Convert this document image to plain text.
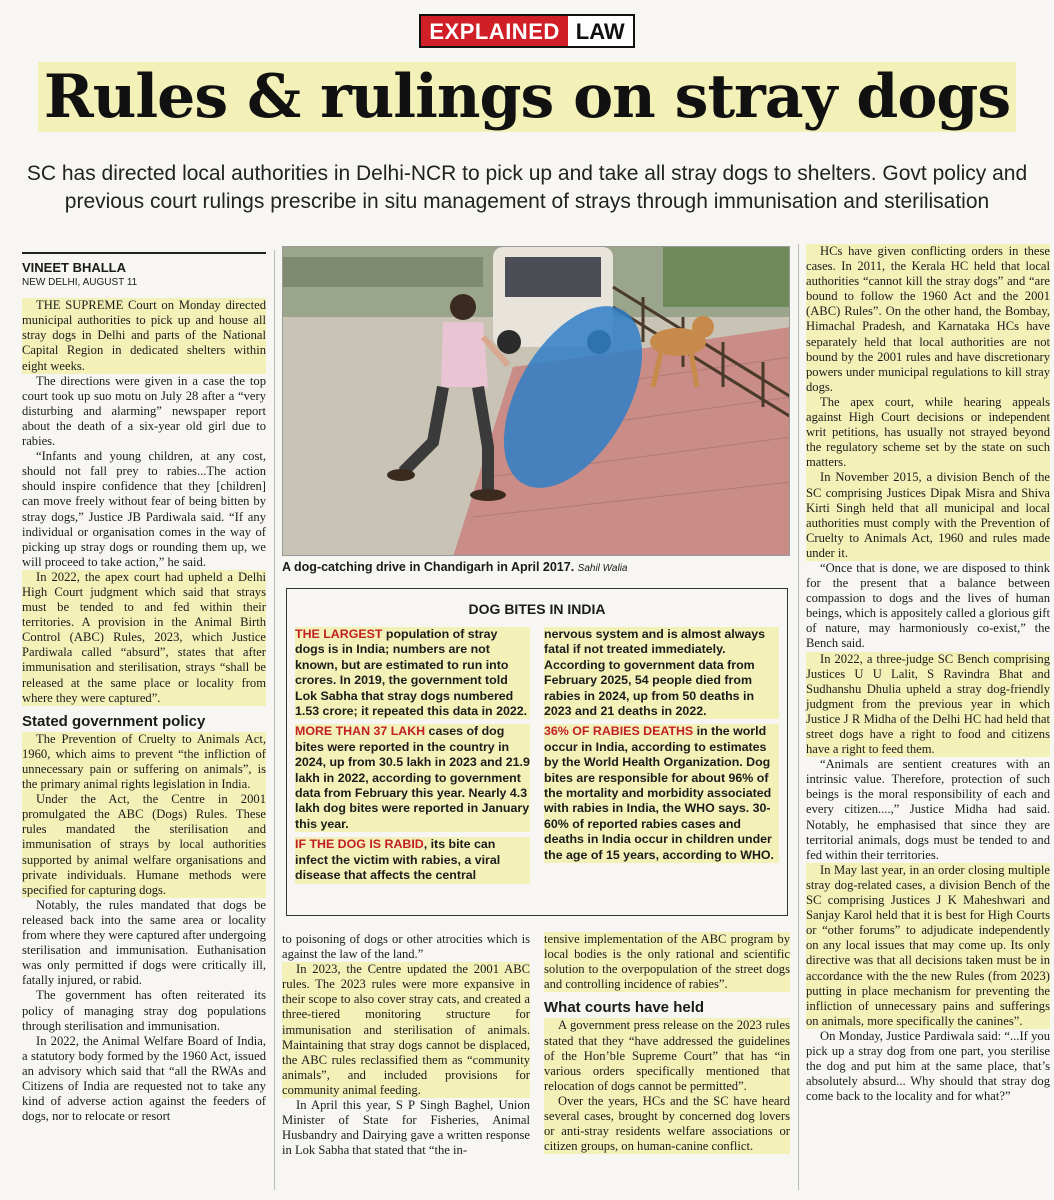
EXPLAINED LAW
Rules & rulings on stray dogs
SC has directed local authorities in Delhi-NCR to pick up and take all stray dogs to shelters. Govt policy and previous court rulings prescribe in situ management of strays through immunisation and sterilisation
VINEET BHALLA
NEW DELHI, AUGUST 11

THE SUPREME Court on Monday directed municipal authorities to pick up and house all stray dogs in Delhi and parts of the National Capital Region in dedicated shelters within eight weeks.

The directions were given in a case the top court took up suo motu on July 28 after a “very disturbing and alarming” newspaper report about the death of a six-year old girl due to rabies.

“Infants and young children, at any cost, should not fall prey to rabies...The action should inspire confidence that they [children] can move freely without fear of being bitten by stray dogs,” Justice JB Pardiwala said. “If any individual or organisation comes in the way of picking up stray dogs or rounding them up, we will proceed to take action,” he said.

In 2022, the apex court had upheld a Delhi High Court judgment which said that strays must be tended to and fed within their territories. A provision in the Animal Birth Control (ABC) Rules, 2023, which Justice Pardiwala called “absurd”, states that after immunisation and sterilisation, strays “shall be released at the same place or locality from where they were captured”.

Stated government policy

The Prevention of Cruelty to Animals Act, 1960, which aims to prevent “the infliction of unnecessary pain or suffering on animals”, is the primary animal rights legislation in India.

Under the Act, the Centre in 2001 promulgated the ABC (Dogs) Rules. These rules mandated the sterilisation and immunisation of strays by local authorities supported by animal welfare organisations and private individuals. Humane methods were specified for capturing dogs.

Notably, the rules mandated that dogs be released back into the same area or locality from where they were captured after undergoing sterilisation and immunisation. Euthanisation was only permitted if dogs were critically ill, fatally injured, or rabid.

The government has often reiterated its policy of managing stray dog populations through sterilisation and immunisation.

In 2022, the Animal Welfare Board of India, a statutory body formed by the 1960 Act, issued an advisory which said that “all the RWAs and Citizens of India are requested not to take any kind of adverse action against the feeders of dogs, nor to relocate or resort

A dog-catching drive in Chandigarh in April 2017. Sahil Walia
DOG BITES IN INDIA

THE LARGEST population of stray dogs is in India; numbers are not known, but are estimated to run into crores. In 2019, the government told Lok Sabha that stray dogs numbered 1.53 crore; it repeated this data in 2022.

MORE THAN 37 LAKH cases of dog bites were reported in the country in 2024, up from 30.5 lakh in 2023 and 21.9 lakh in 2022, according to government data from February this year. Nearly 4.3 lakh dog bites were reported in January this year.

IF THE DOG IS RABID, its bite can infect the victim with rabies, a viral disease that affects the central

nervous system and is almost always fatal if not treated immediately. According to government data from February 2025, 54 people died from rabies in 2024, up from 50 deaths in 2023 and 21 deaths in 2022.

36% OF RABIES DEATHS in the world occur in India, according to estimates by the World Health Organization. Dog bites are responsible for about 96% of the mortality and morbidity associated with rabies in India, the WHO says. 30-60% of reported rabies cases and deaths in India occur in children under the age of 15 years, according to WHO.

to poisoning of dogs or other atrocities which is against the law of the land.”

In 2023, the Centre updated the 2001 ABC rules. The 2023 rules were more expansive in their scope to also cover stray cats, and created a three-tiered monitoring structure for immunisation and sterilisation of animals. Maintaining that stray dogs cannot be displaced, the ABC rules reclassified them as “community animals”, and included provisions for community animal feeding.

In April this year, S P Singh Baghel, Union Minister of State for Fisheries, Animal Husbandry and Dairying gave a written response in Lok Sabha that stated that “the in-

tensive implementation of the ABC program by local bodies is the only rational and scientific solution to the overpopulation of the street dogs and controlling incidence of rabies”.

What courts have held

A government press release on the 2023 rules stated that they “have addressed the guidelines of the Hon’ble Supreme Court” that has “in various orders specifically mentioned that relocation of dogs cannot be permitted”.

Over the years, HCs and the SC have heard several cases, brought by concerned dog lovers or anti-stray residents welfare associations or citizen groups, on human-canine conflict.

HCs have given conflicting orders in these cases. In 2011, the Kerala HC held that local authorities “cannot kill the stray dogs” and “are bound to follow the 1960 Act and the 2001 (ABC) Rules”. On the other hand, the Bombay, Himachal Pradesh, and Karnataka HCs have separately held that local authorities are not bound by the 2001 rules and have discretionary powers under municipal regulations to kill stray dogs.

The apex court, while hearing appeals against High Court decisions or independent writ petitions, has usually not strayed beyond the regulatory scheme set by the state on such matters.

In November 2015, a division Bench of the SC comprising Justices Dipak Misra and Shiva Kirti Singh held that all municipal and local authorities must comply with the Prevention of Cruelty to Animals Act, 1960 and rules made under it.

“Once that is done, we are disposed to think for the present that a balance between compassion to dogs and the lives of human beings, which is appositely called a glorious gift of nature, may harmoniously co-exist,” the Bench said.

In 2022, a three-judge SC Bench comprising Justices U U Lalit, S Ravindra Bhat and Sudhanshu Dhulia upheld a stray dog-friendly judgment from the previous year in which Justice J R Midha of the Delhi HC had held that street dogs have a right to food and citizens have a right to feed them.

“Animals are sentient creatures with an intrinsic value. Therefore, protection of such beings is the moral responsibility of each and every citizen....,” Justice Midha had said. Notably, he emphasised that since they are territorial animals, dogs must be tended to and fed within their territories.

In May last year, in an order closing multiple stray dog-related cases, a division Bench of the SC comprising Justices J K Maheshwari and Sanjay Karol held that it is best for High Courts or “other forums” to adjudicate independently on any local issues that may come up. Its only directive was that all decisions taken must be in accordance with the the new Rules (from 2023) putting in place mechanism for preventing the infliction of unnecessary pains and sufferings on animals, more specifically the canines”.

On Monday, Justice Pardiwala said: “...If you pick up a stray dog from one part, you sterilise the dog and put him at the same place, that’s absolutely absurd... Why should that stray dog come back to the locality and for what?”
